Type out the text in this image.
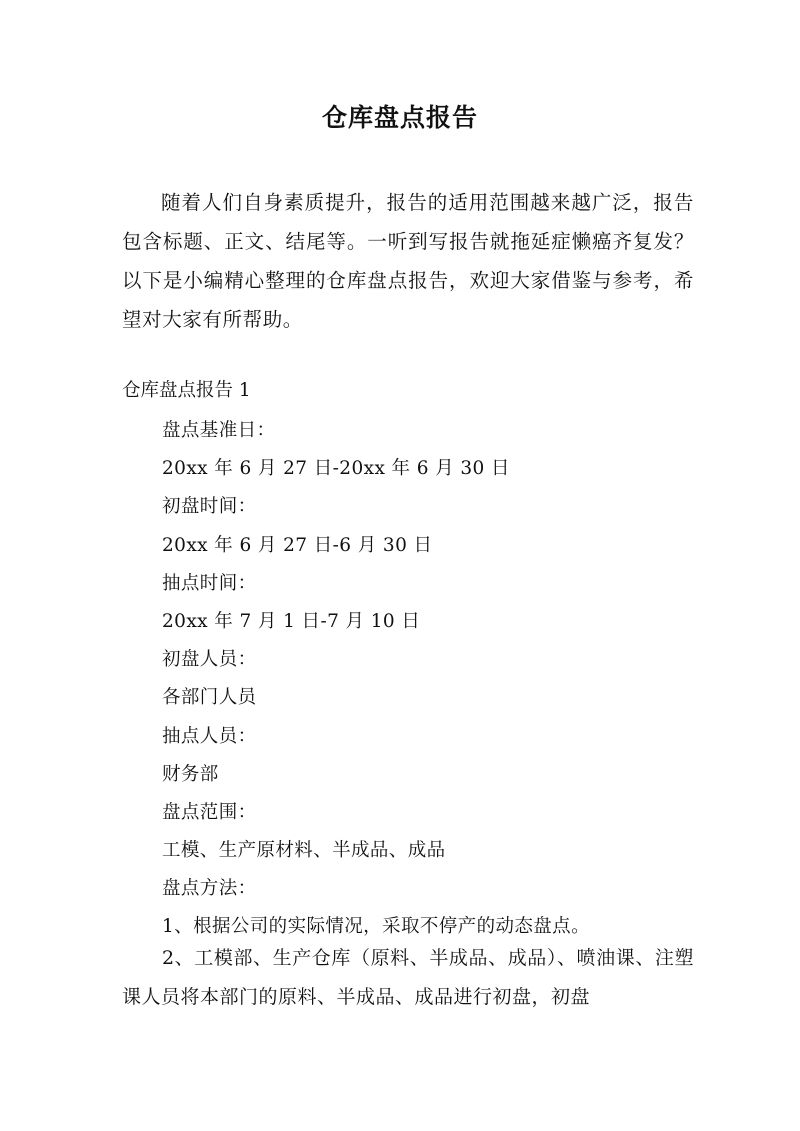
仓库盘点报告
随着人们自身素质提升，报告的适用范围越来越广泛，报告包含标题、正文、结尾等。一听到写报告就拖延症懒癌齐复发？以下是小编精心整理的仓库盘点报告，欢迎大家借鉴与参考，希望对大家有所帮助。
仓库盘点报告 1
盘点基准日：
20xx 年 6 月 27 日-20xx 年 6 月 30 日
初盘时间：
20xx 年 6 月 27 日-6 月 30 日
抽点时间：
20xx 年 7 月 1 日-7 月 10 日
初盘人员：
各部门人员
抽点人员：
财务部
盘点范围：
工模、生产原材料、半成品、成品
盘点方法：
1、根据公司的实际情况，采取不停产的动态盘点。
2、工模部、生产仓库（原料、半成品、成品）、喷油课、注塑课人员将本部门的原料、半成品、成品进行初盘，初盘
